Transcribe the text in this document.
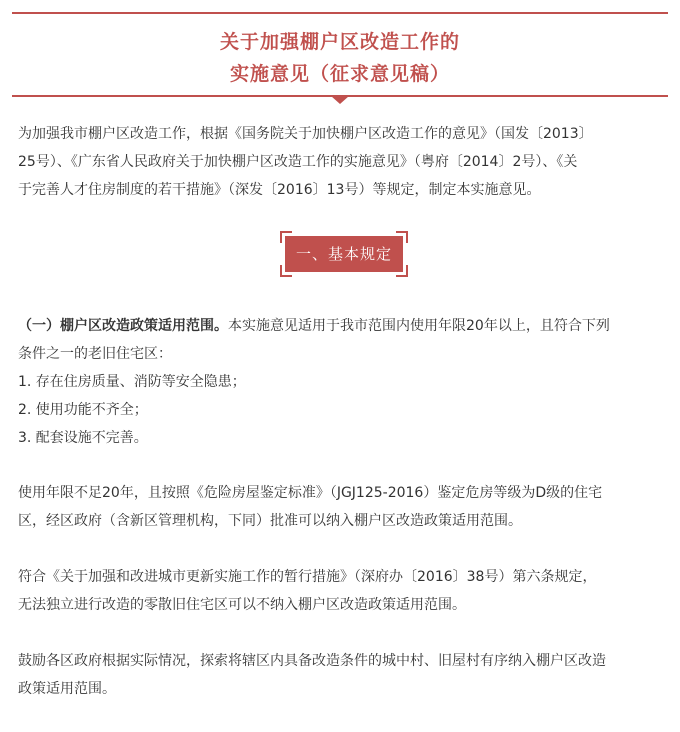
关于加强棚户区改造工作的
实施意见（征求意见稿）

为加强我市棚户区改造工作，根据《国务院关于加快棚户区改造工作的意见》（国发〔2013〕
25号）、《广东省人民政府关于加快棚户区改造工作的实施意见》（粤府〔2014〕2号）、《关
于完善人才住房制度的若干措施》（深发〔2016〕13号）等规定，制定本实施意见。

一、基本规定

（一）棚户区改造政策适用范围。本实施意见适用于我市范围内使用年限20年以上，且符合下列
条件之一的老旧住宅区：
1. 存在住房质量、消防等安全隐患；
2. 使用功能不齐全；
3. 配套设施不完善。

使用年限不足20年，且按照《危险房屋鉴定标准》（JGJ125-2016）鉴定危房等级为D级的住宅
区，经区政府（含新区管理机构，下同）批准可以纳入棚户区改造政策适用范围。

符合《关于加强和改进城市更新实施工作的暂行措施》（深府办〔2016〕38号）第六条规定，
无法独立进行改造的零散旧住宅区可以不纳入棚户区改造政策适用范围。

鼓励各区政府根据实际情况，探索将辖区内具备改造条件的城中村、旧屋村有序纳入棚户区改造
政策适用范围。
